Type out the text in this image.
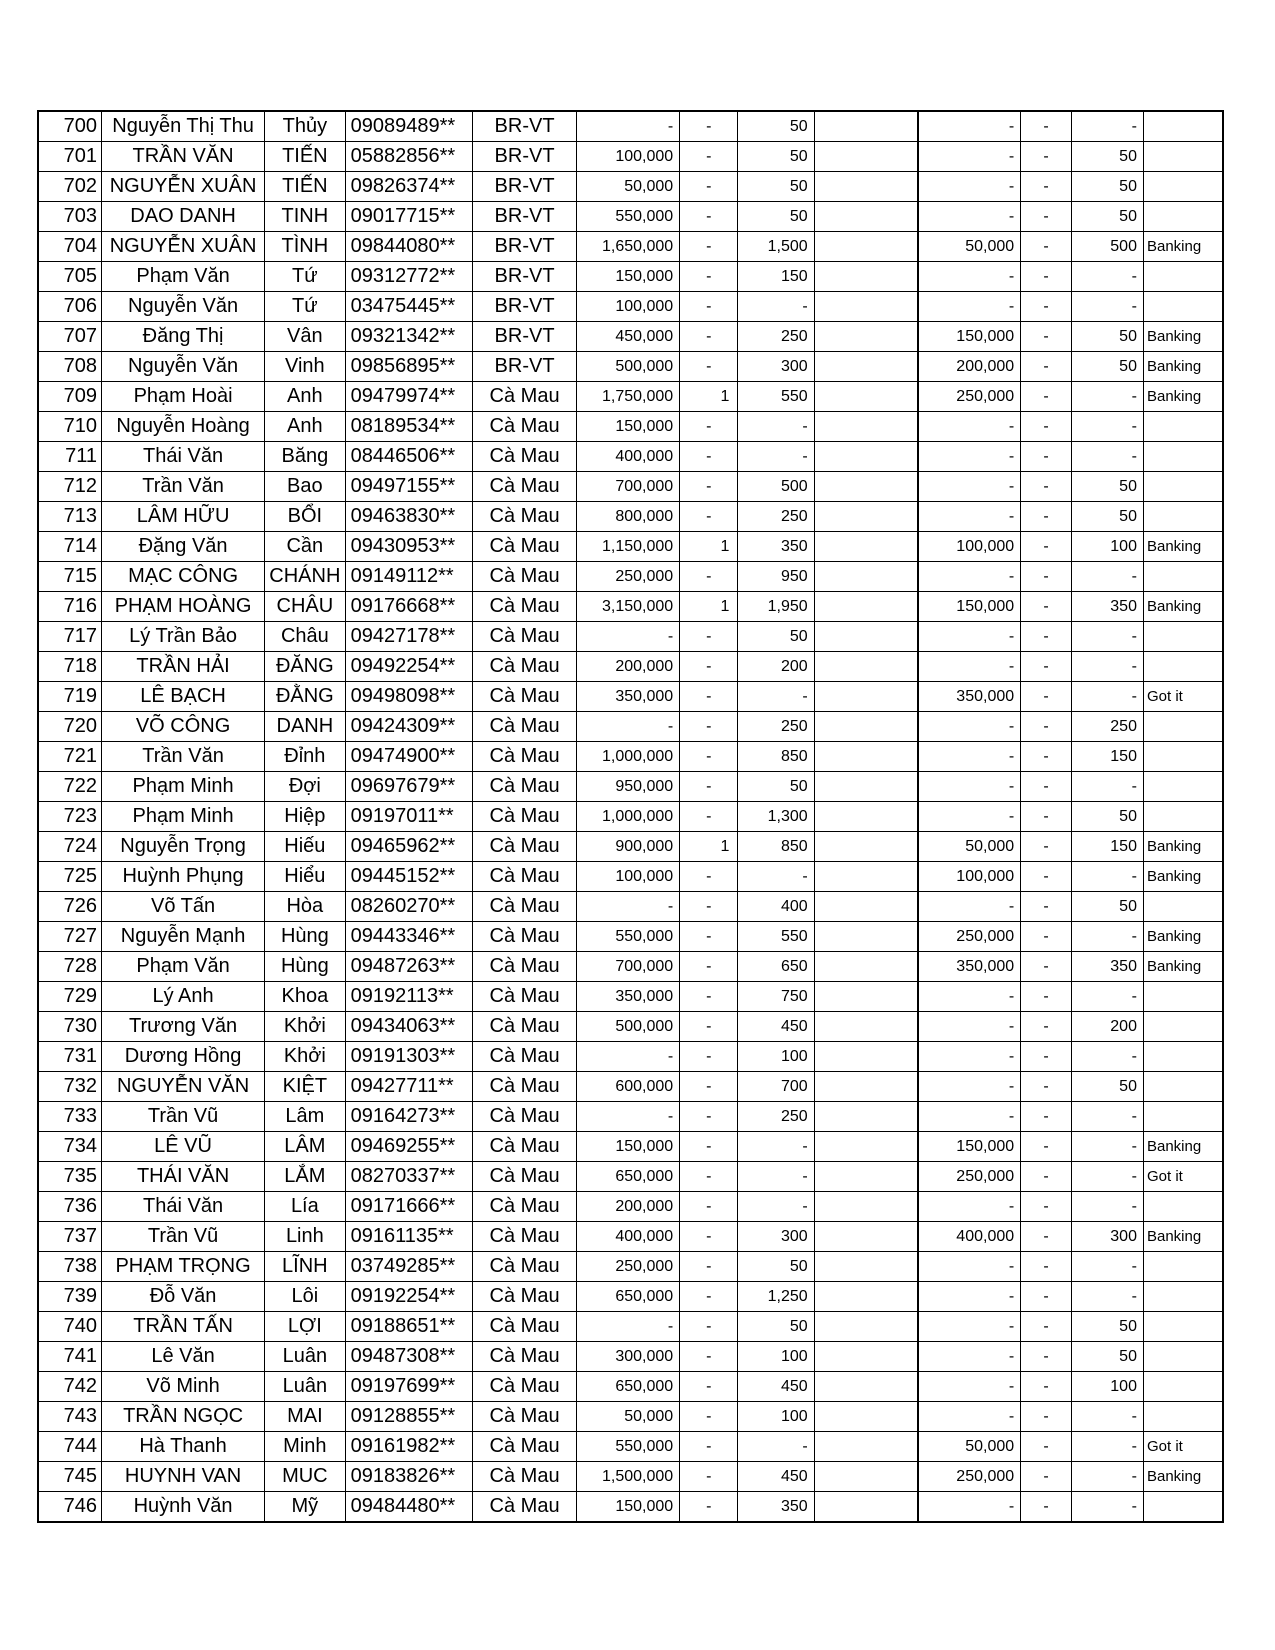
700	Nguyễn Thị Thu	Thủy	09089489**	BR-VT	-	-	50		-	-	-	
701	TRẦN VĂN	TIẾN	05882856**	BR-VT	100,000	-	50		-	-	50	
702	NGUYỄN XUÂN	TIẾN	09826374**	BR-VT	50,000	-	50		-	-	50	
703	DAO DANH	TINH	09017715**	BR-VT	550,000	-	50		-	-	50	
704	NGUYỄN XUÂN	TÌNH	09844080**	BR-VT	1,650,000	-	1,500		50,000	-	500	Banking
705	Phạm Văn	Tứ	09312772**	BR-VT	150,000	-	150		-	-	-	
706	Nguyễn Văn	Tứ	03475445**	BR-VT	100,000	-	-		-	-	-	
707	Đăng Thị	Vân	09321342**	BR-VT	450,000	-	250		150,000	-	50	Banking
708	Nguyễn Văn	Vinh	09856895**	BR-VT	500,000	-	300		200,000	-	50	Banking
709	Phạm Hoài	Anh	09479974**	Cà Mau	1,750,000	1	550		250,000	-	-	Banking
710	Nguyễn Hoàng	Anh	08189534**	Cà Mau	150,000	-	-		-	-	-	
711	Thái Văn	Băng	08446506**	Cà Mau	400,000	-	-		-	-	-	
712	Trần Văn	Bao	09497155**	Cà Mau	700,000	-	500		-	-	50	
713	LÂM HỮU	BỔI	09463830**	Cà Mau	800,000	-	250		-	-	50	
714	Đặng Văn	Cần	09430953**	Cà Mau	1,150,000	1	350		100,000	-	100	Banking
715	MẠC CÔNG	CHÁNH	09149112**	Cà Mau	250,000	-	950		-	-	-	
716	PHẠM HOÀNG	CHÂU	09176668**	Cà Mau	3,150,000	1	1,950		150,000	-	350	Banking
717	Lý Trần Bảo	Châu	09427178**	Cà Mau	-	-	50		-	-	-	
718	TRẦN HẢI	ĐĂNG	09492254**	Cà Mau	200,000	-	200		-	-	-	
719	LÊ BẠCH	ĐẰNG	09498098**	Cà Mau	350,000	-	-		350,000	-	-	Got it
720	VÕ CÔNG	DANH	09424309**	Cà Mau	-	-	250		-	-	250	
721	Trần Văn	Đỉnh	09474900**	Cà Mau	1,000,000	-	850		-	-	150	
722	Phạm Minh	Đợi	09697679**	Cà Mau	950,000	-	50		-	-	-	
723	Phạm Minh	Hiệp	09197011**	Cà Mau	1,000,000	-	1,300		-	-	50	
724	Nguyễn Trọng	Hiếu	09465962**	Cà Mau	900,000	1	850		50,000	-	150	Banking
725	Huỳnh Phụng	Hiểu	09445152**	Cà Mau	100,000	-	-		100,000	-	-	Banking
726	Võ Tấn	Hòa	08260270**	Cà Mau	-	-	400		-	-	50	
727	Nguyễn Mạnh	Hùng	09443346**	Cà Mau	550,000	-	550		250,000	-	-	Banking
728	Phạm Văn	Hùng	09487263**	Cà Mau	700,000	-	650		350,000	-	350	Banking
729	Lý Anh	Khoa	09192113**	Cà Mau	350,000	-	750		-	-	-	
730	Trương Văn	Khởi	09434063**	Cà Mau	500,000	-	450		-	-	200	
731	Dương Hồng	Khởi	09191303**	Cà Mau	-	-	100		-	-	-	
732	NGUYỄN VĂN	KIỆT	09427711**	Cà Mau	600,000	-	700		-	-	50	
733	Trần Vũ	Lâm	09164273**	Cà Mau	-	-	250		-	-	-	
734	LÊ VŨ	LÂM	09469255**	Cà Mau	150,000	-	-		150,000	-	-	Banking
735	THÁI VĂN	LẮM	08270337**	Cà Mau	650,000	-	-		250,000	-	-	Got it
736	Thái Văn	Lía	09171666**	Cà Mau	200,000	-	-		-	-	-	
737	Trần Vũ	Linh	09161135**	Cà Mau	400,000	-	300		400,000	-	300	Banking
738	PHẠM TRỌNG	LĨNH	03749285**	Cà Mau	250,000	-	50		-	-	-	
739	Đỗ Văn	Lôi	09192254**	Cà Mau	650,000	-	1,250		-	-	-	
740	TRẦN TẤN	LỢI	09188651**	Cà Mau	-	-	50		-	-	50	
741	Lê Văn	Luân	09487308**	Cà Mau	300,000	-	100		-	-	50	
742	Võ Minh	Luân	09197699**	Cà Mau	650,000	-	450		-	-	100	
743	TRẦN NGỌC	MAI	09128855**	Cà Mau	50,000	-	100		-	-	-	
744	Hà Thanh	Minh	09161982**	Cà Mau	550,000	-	-		50,000	-	-	Got it
745	HUYNH VAN	MUC	09183826**	Cà Mau	1,500,000	-	450		250,000	-	-	Banking
746	Huỳnh Văn	Mỹ	09484480**	Cà Mau	150,000	-	350		-	-	-	
